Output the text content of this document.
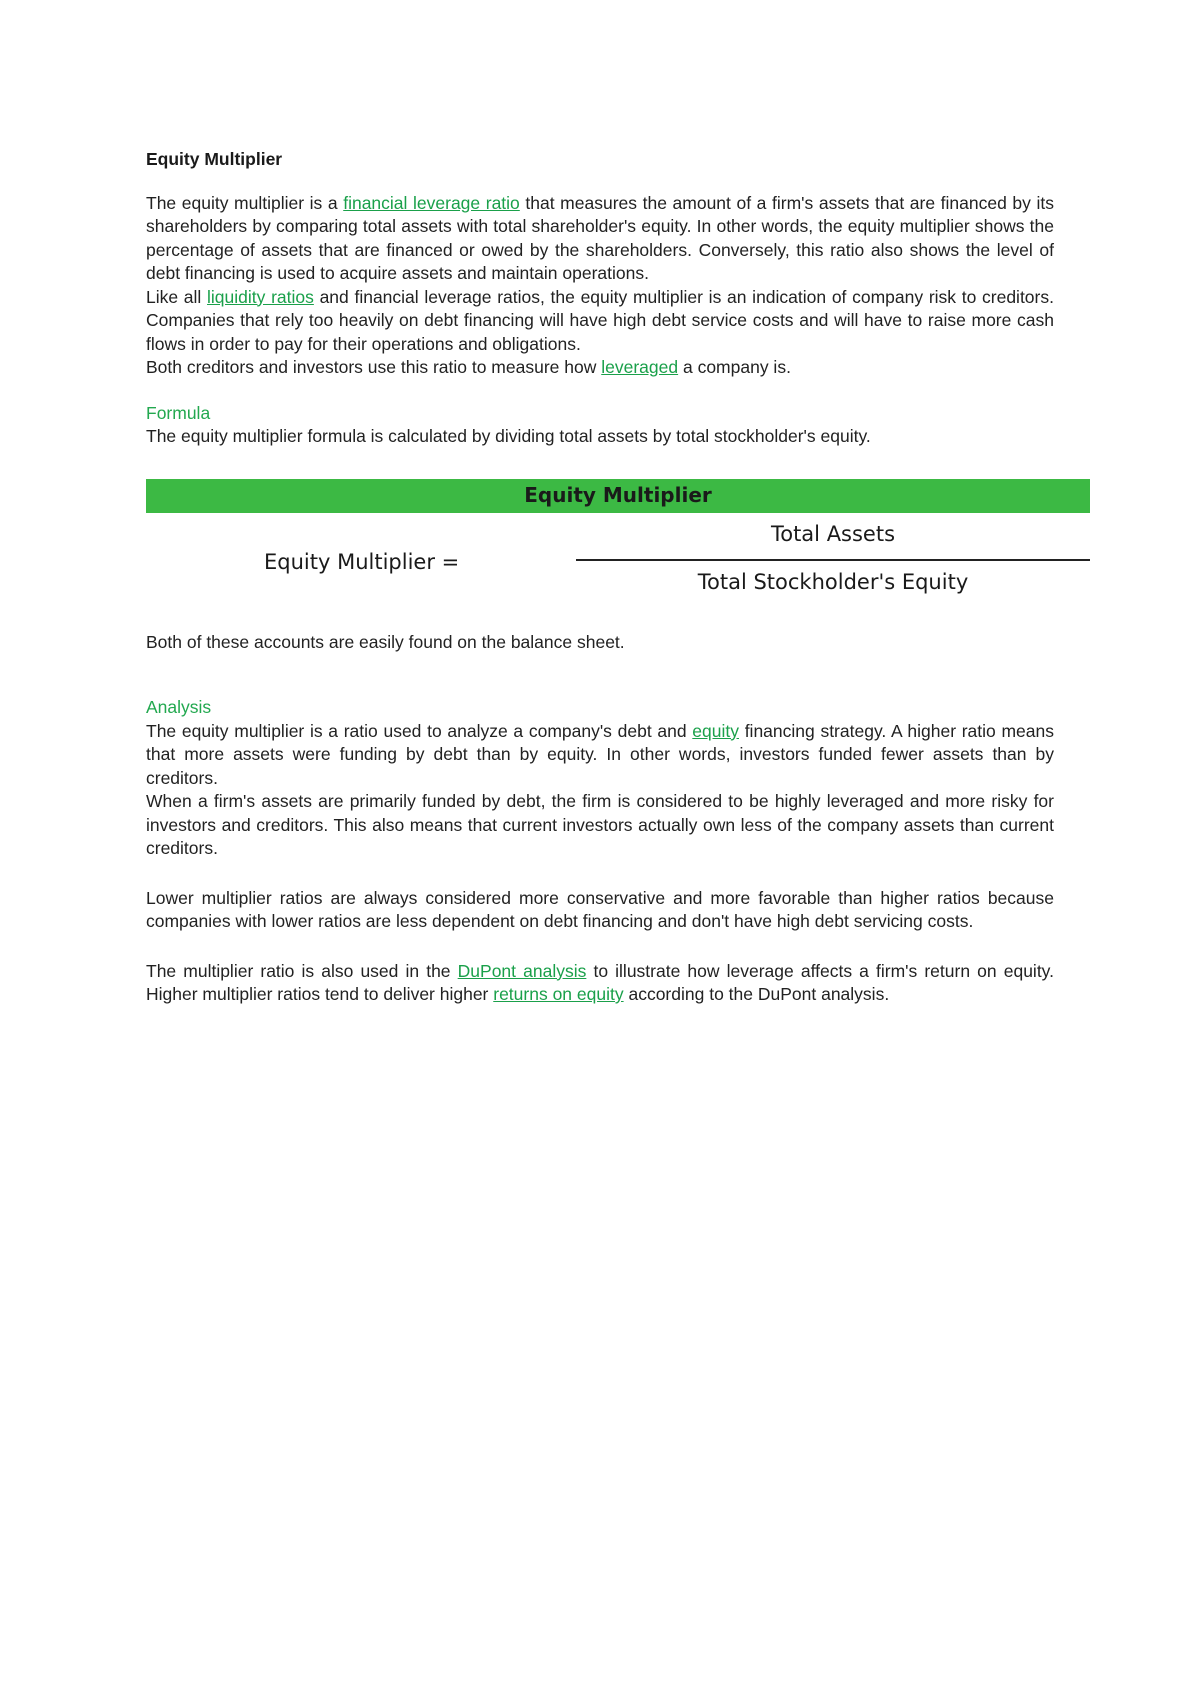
Equity Multiplier

The equity multiplier is a financial leverage ratio that measures the amount of a firm's assets that are financed by its shareholders by comparing total assets with total shareholder's equity. In other words, the equity multiplier shows the percentage of assets that are financed or owed by the shareholders. Conversely, this ratio also shows the level of debt financing is used to acquire assets and maintain operations.

Like all liquidity ratios and financial leverage ratios, the equity multiplier is an indication of company risk to creditors. Companies that rely too heavily on debt financing will have high debt service costs and will have to raise more cash flows in order to pay for their operations and obligations.

Both creditors and investors use this ratio to measure how leveraged a company is.

Formula

The equity multiplier formula is calculated by dividing total assets by total stockholder's equity.

Equity Multiplier
Equity Multiplier =
Total Assets
Total Stockholder's Equity

Both of these accounts are easily found on the balance sheet.

Analysis

The equity multiplier is a ratio used to analyze a company's debt and equity financing strategy. A higher ratio means that more assets were funding by debt than by equity. In other words, investors funded fewer assets than by creditors.

When a firm's assets are primarily funded by debt, the firm is considered to be highly leveraged and more risky for investors and creditors. This also means that current investors actually own less of the company assets than current creditors.

Lower multiplier ratios are always considered more conservative and more favorable than higher ratios because companies with lower ratios are less dependent on debt financing and don't have high debt servicing costs.

The multiplier ratio is also used in the DuPont analysis to illustrate how leverage affects a firm's return on equity. Higher multiplier ratios tend to deliver higher returns on equity according to the DuPont analysis.
